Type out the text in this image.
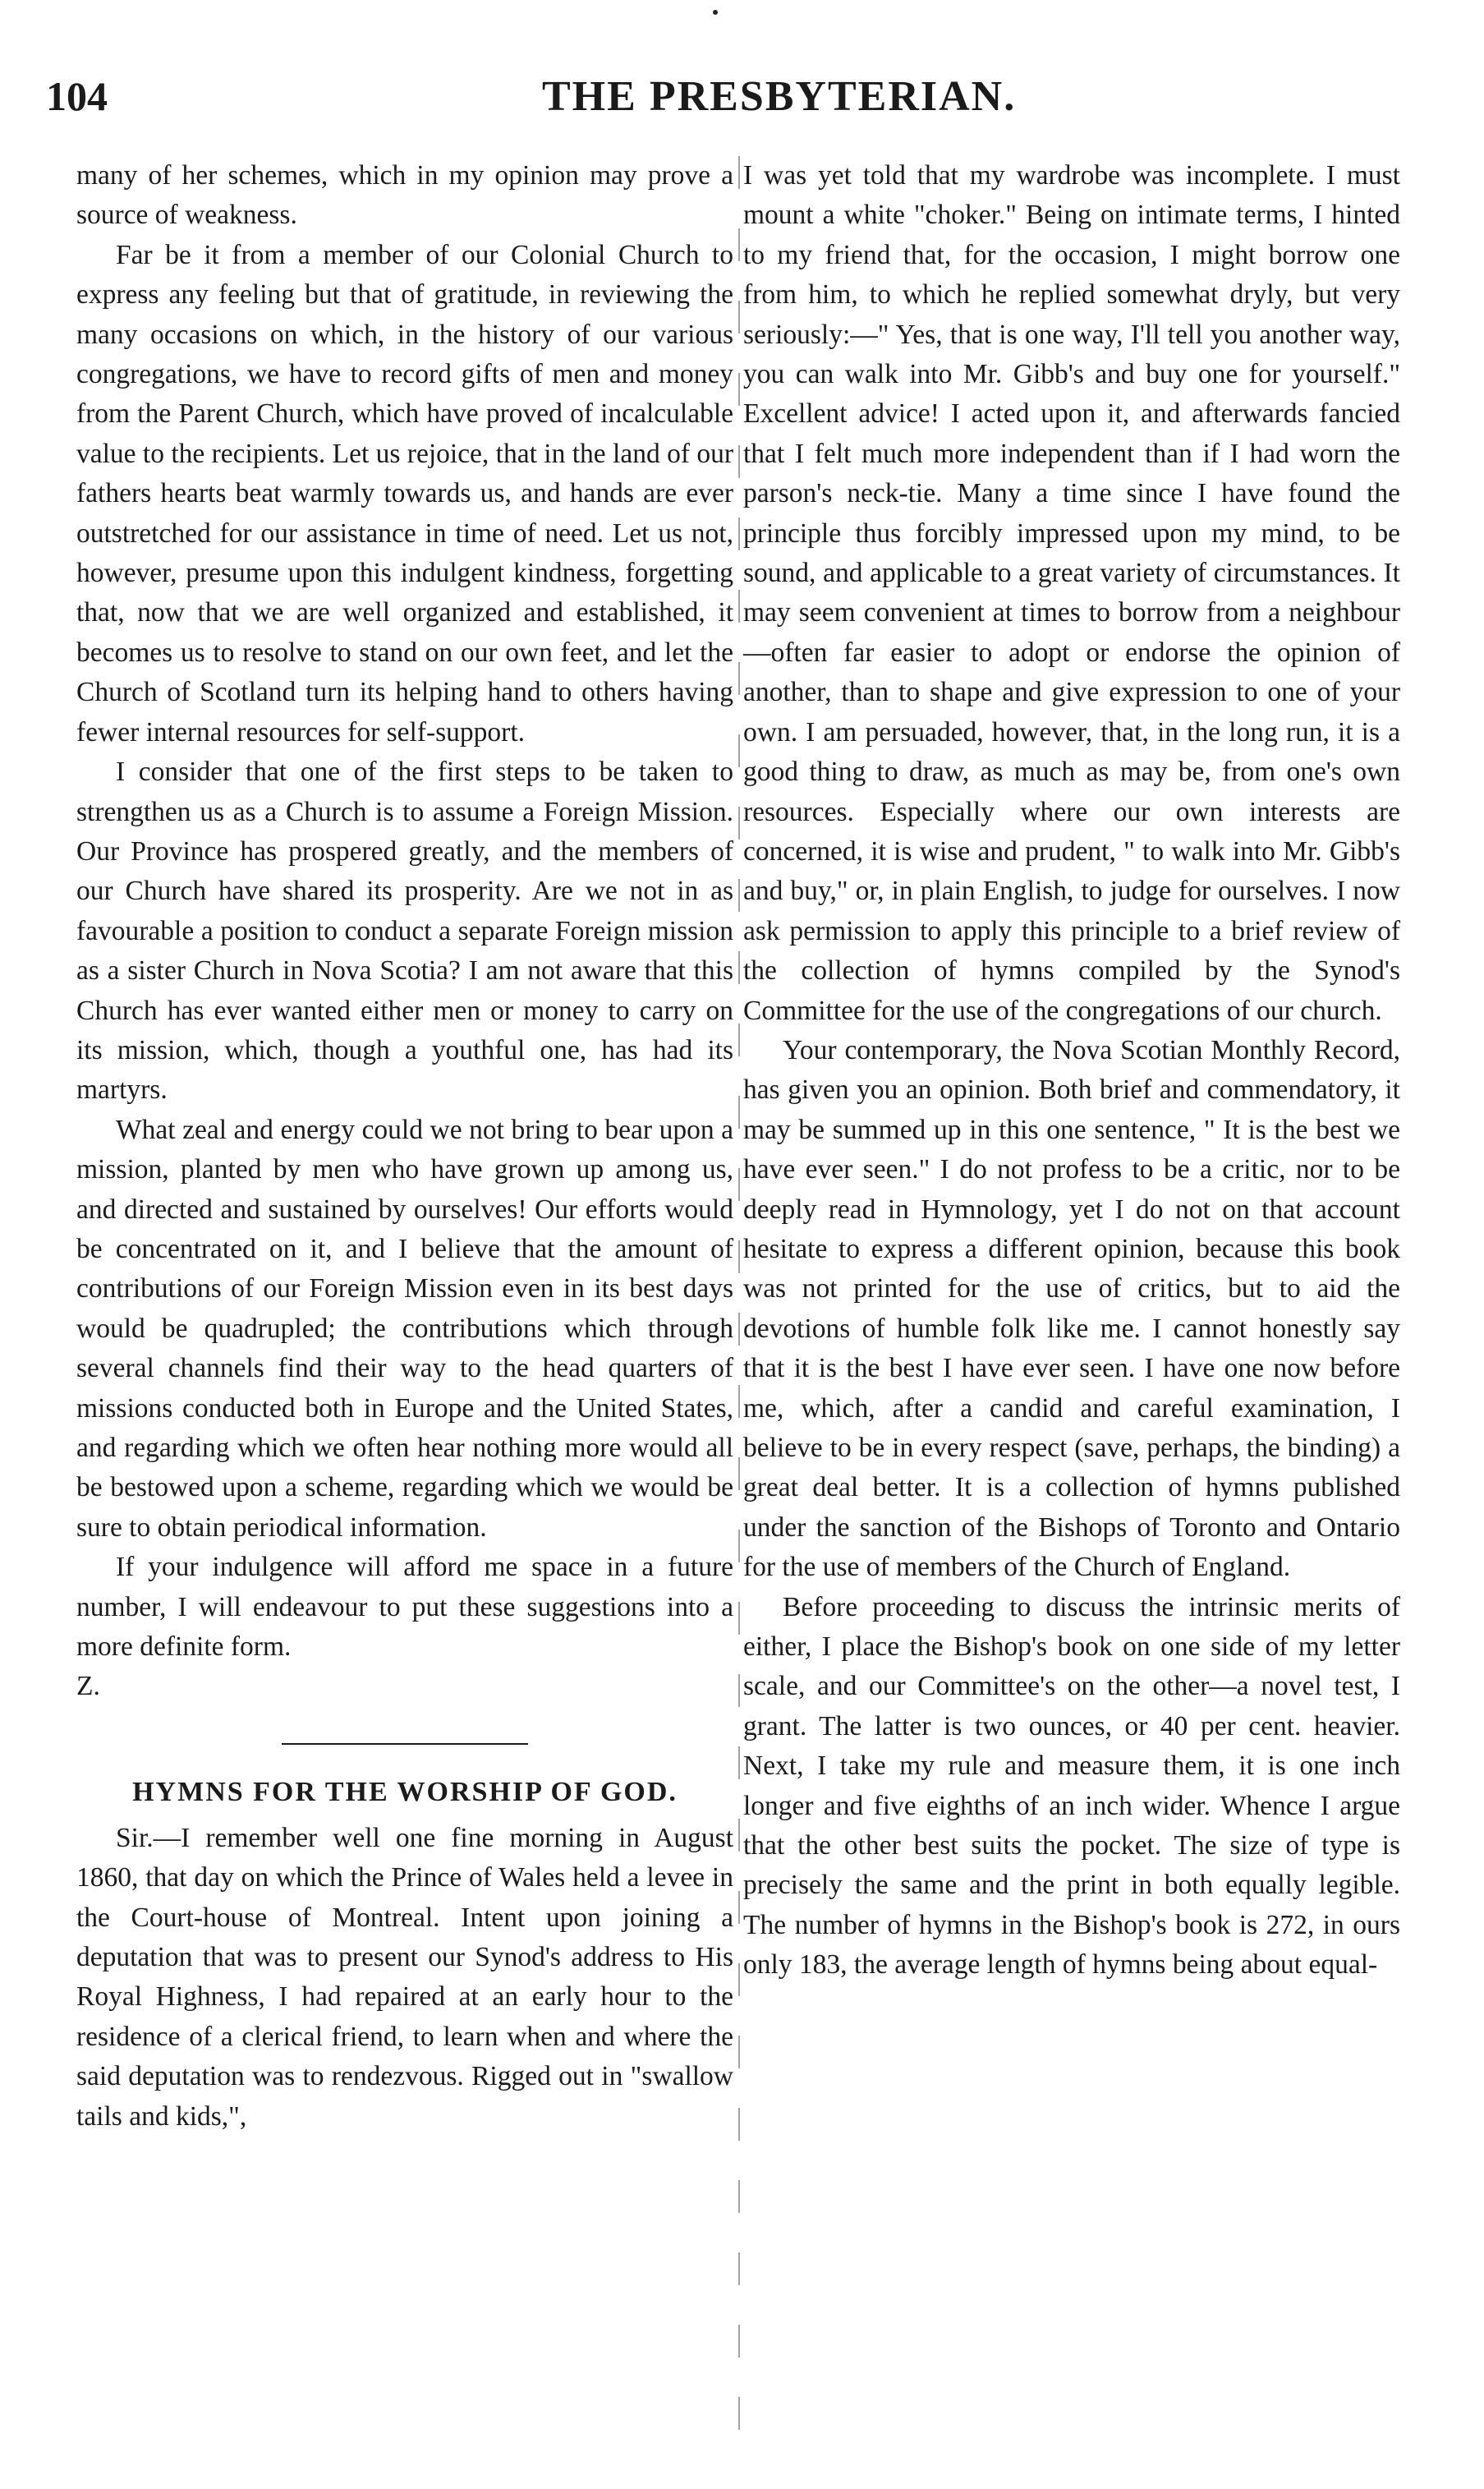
104	THE PRESBYTERIAN.

many of her schemes, which in my opinion may prove a source of weakness.

Far be it from a member of our Colonial Church to express any feeling but that of gratitude, in reviewing the many occasions on which, in the history of our various congregations, we have to record gifts of men and money from the Parent Church, which have proved of incalculable value to the recipients. Let us rejoice, that in the land of our fathers hearts beat warmly towards us, and hands are ever outstretched for our assistance in time of need. Let us not, however, presume upon this indulgent kindness, forgetting that, now that we are well organized and established, it becomes us to resolve to stand on our own feet, and let the Church of Scotland turn its helping hand to others having fewer internal resources for self-support.

I consider that one of the first steps to be taken to strengthen us as a Church is to assume a Foreign Mission. Our Province has prospered greatly, and the members of our Church have shared its prosperity. Are we not in as favourable a position to conduct a separate Foreign mission as a sister Church in Nova Scotia? I am not aware that this Church has ever wanted either men or money to carry on its mission, which, though a youthful one, has had its martyrs.

What zeal and energy could we not bring to bear upon a mission, planted by men who have grown up among us, and directed and sustained by ourselves! Our efforts would be concentrated on it, and I believe that the amount of contributions of our Foreign Mission even in its best days would be quadrupled; the contributions which through several channels find their way to the head quarters of missions conducted both in Europe and the United States, and regarding which we often hear nothing more would all be bestowed upon a scheme, regarding which we would be sure to obtain periodical information.

If your indulgence will afford me space in a future number, I will endeavour to put these suggestions into a more definite form.

Z.

HYMNS FOR THE WORSHIP OF GOD.

Sir.—I remember well one fine morning in August 1860, that day on which the Prince of Wales held a levee in the Court-house of Montreal. Intent upon joining a deputation that was to present our Synod's address to His Royal Highness, I had repaired at an early hour to the residence of a clerical friend, to learn when and where the said deputation was to rendezvous. Rigged out in "swallow tails and kids,",

I was yet told that my wardrobe was incomplete. I must mount a white "choker." Being on intimate terms, I hinted to my friend that, for the occasion, I might borrow one from him, to which he replied somewhat dryly, but very seriously:—" Yes, that is one way, I'll tell you another way, you can walk into Mr. Gibb's and buy one for yourself." Excellent advice! I acted upon it, and afterwards fancied that I felt much more independent than if I had worn the parson's neck-tie. Many a time since I have found the principle thus forcibly impressed upon my mind, to be sound, and applicable to a great variety of circumstances. It may seem convenient at times to borrow from a neighbour—often far easier to adopt or endorse the opinion of another, than to shape and give expression to one of your own. I am persuaded, however, that, in the long run, it is a good thing to draw, as much as may be, from one's own resources. Especially where our own interests are concerned, it is wise and prudent, " to walk into Mr. Gibb's and buy," or, in plain English, to judge for ourselves. I now ask permission to apply this principle to a brief review of the collection of hymns compiled by the Synod's Committee for the use of the congregations of our church.

Your contemporary, the Nova Scotian Monthly Record, has given you an opinion. Both brief and commendatory, it may be summed up in this one sentence, " It is the best we have ever seen." I do not profess to be a critic, nor to be deeply read in Hymnology, yet I do not on that account hesitate to express a different opinion, because this book was not printed for the use of critics, but to aid the devotions of humble folk like me. I cannot honestly say that it is the best I have ever seen. I have one now before me, which, after a candid and careful examination, I believe to be in every respect (save, perhaps, the binding) a great deal better. It is a collection of hymns published under the sanction of the Bishops of Toronto and Ontario for the use of members of the Church of England.

Before proceeding to discuss the intrinsic merits of either, I place the Bishop's book on one side of my letter scale, and our Committee's on the other—a novel test, I grant. The latter is two ounces, or 40 per cent. heavier. Next, I take my rule and measure them, it is one inch longer and five eighths of an inch wider. Whence I argue that the other best suits the pocket. The size of type is precisely the same and the print in both equally legible. The number of hymns in the Bishop's book is 272, in ours only 183, the average length of hymns being about equal-
